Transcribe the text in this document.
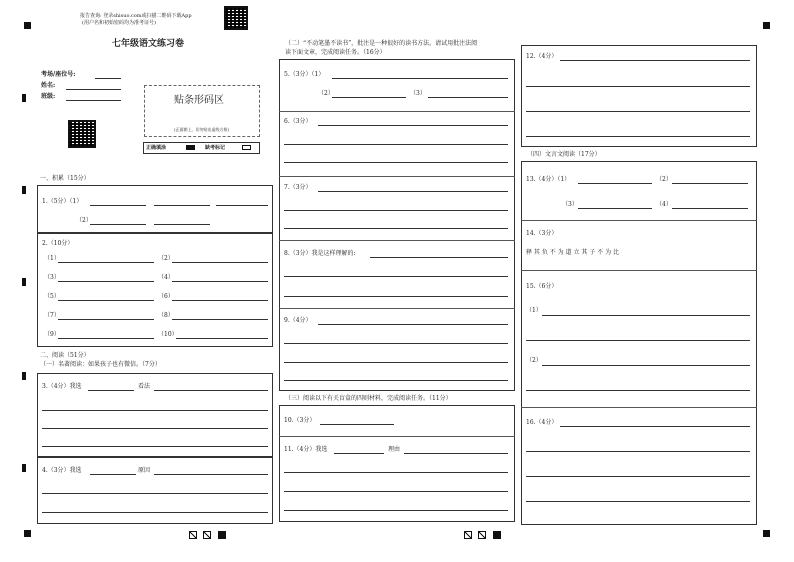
报告查询: 登录shisuo.com或扫描二维码下载App
(用户名和初始密码均为准考证号)
七年级语文练习卷
考场/座位号:
姓名:
班级:	贴条形码区
(正面朝上，切勿贴出虚线方框)
正确填涂	缺考标记
一、积累（15分）
1.（5分）（1）
（2）
2.（10分）
（1）	（2）
（3）	（4）
（5）	（6）
（7）	（8）
（9）	（10）
二、阅读（51分）
（一）名著阅读：如果孩子也有微信。（7分）
3.（4分）我选	看法
4.（3分）我选	原因
（二）“不动笔墨不读书”，批注是一种很好的读书方法。请试用批注法阅
读下面文章，完成阅读任务。（16分）
5.（3分）（1）
（2）	（3）
6.（3分）
7.（3分）
8.（3分）我是这样理解的:
9.（4分）
（三）阅读以下有关盲盒的四则材料，完成阅读任务。（11分）
10.（3分）
11.（4分）我选	理由
12.（4分）
（四）文言文阅读（17分）
13.（4分）（1）	（2）
（3）	（4）
14.（3分）
释 其 负 不 为 道 立 其 子 不 为 比
15.（6分）
（1）
（2）
16.（4分）
